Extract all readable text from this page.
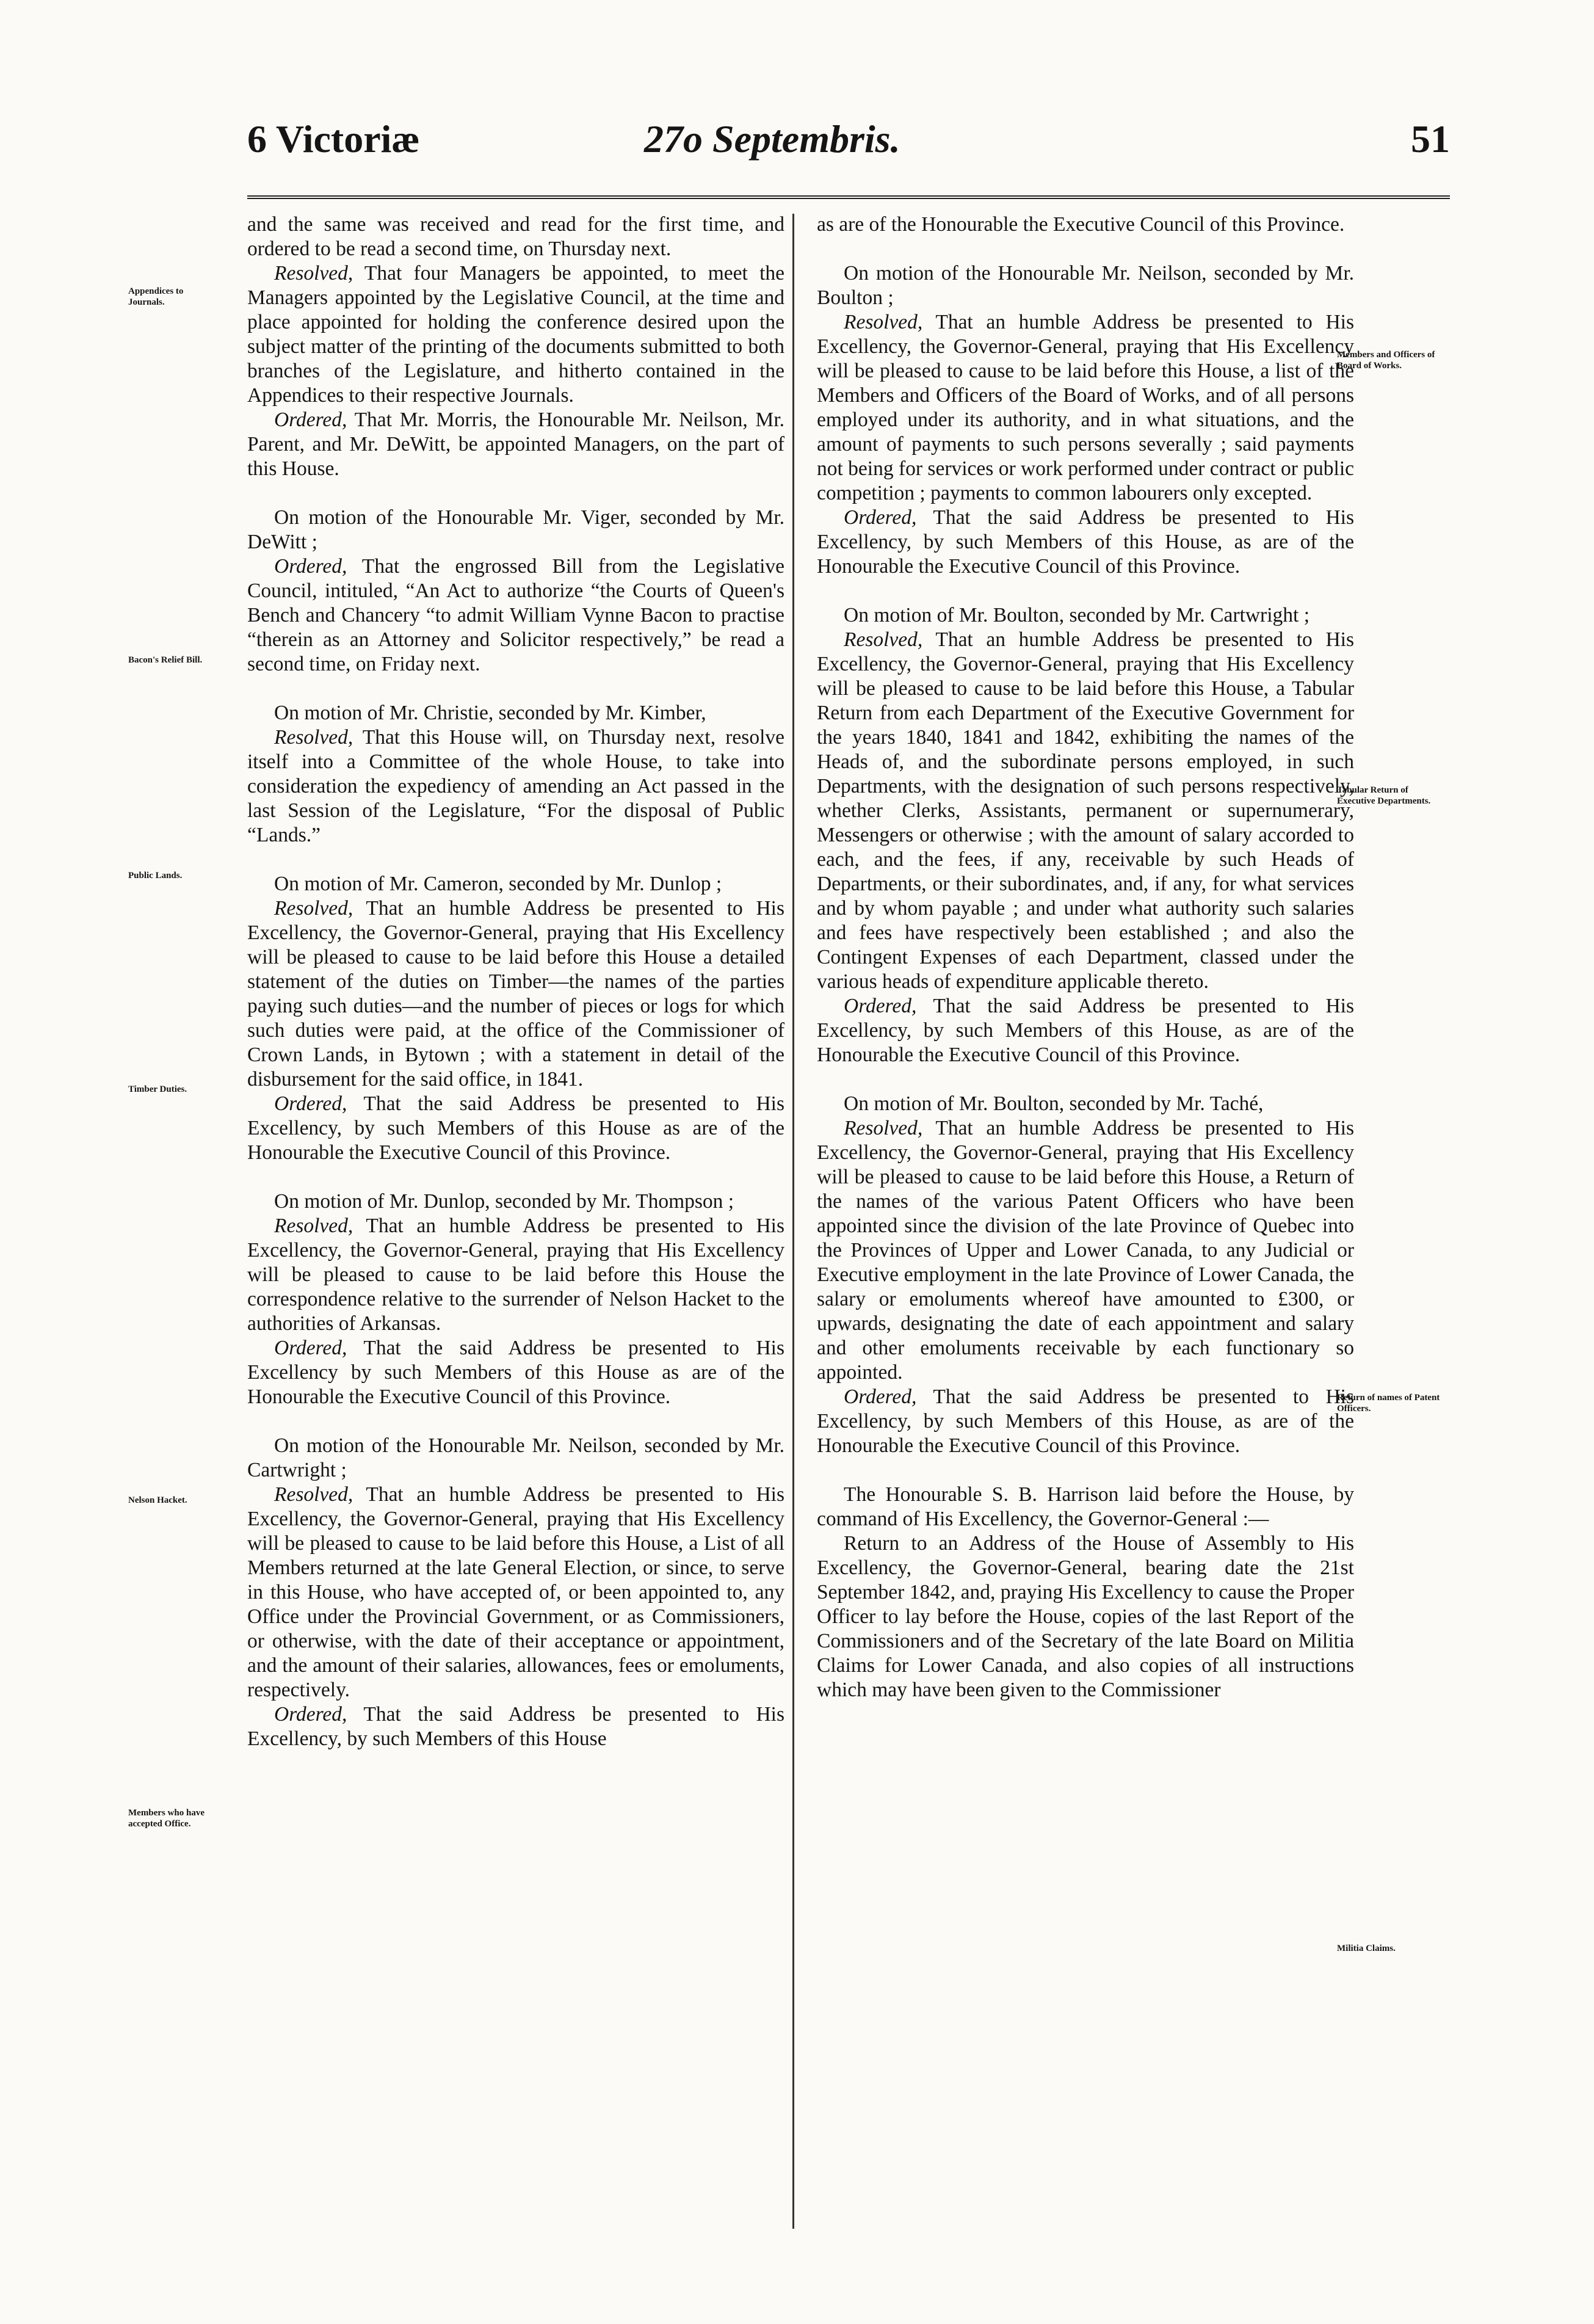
6 Victoriæ	27o Septembris.	51
Appendices to Journals.
Bacon's Relief Bill.
Public Lands.
Timber Duties.
Nelson Hacket.
Members who have accepted Office.
Members and Officers of Board of Works.
Tabular Return of Executive Departments.
Return of names of Patent Officers.
Militia Claims.

and the same was received and read for the first time, and ordered to be read a second time, on Thursday next.

Resolved, That four Managers be appointed, to meet the Managers appointed by the Legislative Council, at the time and place appointed for holding the conference desired upon the subject matter of the printing of the documents submitted to both branches of the Legislature, and hitherto contained in the Appendices to their respective Journals.

Ordered, That Mr. Morris, the Honourable Mr. Neilson, Mr. Parent, and Mr. DeWitt, be appointed Managers, on the part of this House.

On motion of the Honourable Mr. Viger, seconded by Mr. DeWitt ;

Ordered, That the engrossed Bill from the Legislative Council, intituled, “An Act to authorize “the Courts of Queen's Bench and Chancery “to admit William Vynne Bacon to practise “therein as an Attorney and Solicitor respectively,” be read a second time, on Friday next.

On motion of Mr. Christie, seconded by Mr. Kimber,

Resolved, That this House will, on Thursday next, resolve itself into a Committee of the whole House, to take into consideration the expediency of amending an Act passed in the last Session of the Legislature, “For the disposal of Public “Lands.”

On motion of Mr. Cameron, seconded by Mr. Dunlop ;

Resolved, That an humble Address be presented to His Excellency, the Governor-General, praying that His Excellency will be pleased to cause to be laid before this House a detailed statement of the duties on Timber—the names of the parties paying such duties—and the number of pieces or logs for which such duties were paid, at the office of the Commissioner of Crown Lands, in Bytown ; with a statement in detail of the disbursement for the said office, in 1841.

Ordered, That the said Address be presented to His Excellency, by such Members of this House as are of the Honourable the Executive Council of this Province.

On motion of Mr. Dunlop, seconded by Mr. Thompson ;

Resolved, That an humble Address be presented to His Excellency, the Governor-General, praying that His Excellency will be pleased to cause to be laid before this House the correspondence relative to the surrender of Nelson Hacket to the authorities of Arkansas.

Ordered, That the said Address be presented to His Excellency by such Members of this House as are of the Honourable the Executive Council of this Province.

On motion of the Honourable Mr. Neilson, seconded by Mr. Cartwright ;

Resolved, That an humble Address be presented to His Excellency, the Governor-General, praying that His Excellency will be pleased to cause to be laid before this House, a List of all Members returned at the late General Election, or since, to serve in this House, who have accepted of, or been appointed to, any Office under the Provincial Government, or as Commissioners, or otherwise, with the date of their acceptance or appointment, and the amount of their salaries, allowances, fees or emoluments, respectively.

Ordered, That the said Address be presented to His Excellency, by such Members of this House

as are of the Honourable the Executive Council of this Province.

On motion of the Honourable Mr. Neilson, seconded by Mr. Boulton ;

Resolved, That an humble Address be presented to His Excellency, the Governor-General, praying that His Excellency will be pleased to cause to be laid before this House, a list of the Members and Officers of the Board of Works, and of all persons employed under its authority, and in what situations, and the amount of payments to such persons severally ; said payments not being for services or work performed under contract or public competition ; payments to common labourers only excepted.

Ordered, That the said Address be presented to His Excellency, by such Members of this House, as are of the Honourable the Executive Council of this Province.

On motion of Mr. Boulton, seconded by Mr. Cartwright ;

Resolved, That an humble Address be presented to His Excellency, the Governor-General, praying that His Excellency will be pleased to cause to be laid before this House, a Tabular Return from each Department of the Executive Government for the years 1840, 1841 and 1842, exhibiting the names of the Heads of, and the subordinate persons employed, in such Departments, with the designation of such persons respectively, whether Clerks, Assistants, permanent or supernumerary, Messengers or otherwise ; with the amount of salary accorded to each, and the fees, if any, receivable by such Heads of Departments, or their subordinates, and, if any, for what services and by whom payable ; and under what authority such salaries and fees have respectively been established ; and also the Contingent Expenses of each Department, classed under the various heads of expenditure applicable thereto.

Ordered, That the said Address be presented to His Excellency, by such Members of this House, as are of the Honourable the Executive Council of this Province.

On motion of Mr. Boulton, seconded by Mr. Taché,

Resolved, That an humble Address be presented to His Excellency, the Governor-General, praying that His Excellency will be pleased to cause to be laid before this House, a Return of the names of the various Patent Officers who have been appointed since the division of the late Province of Quebec into the Provinces of Upper and Lower Canada, to any Judicial or Executive employment in the late Province of Lower Canada, the salary or emoluments whereof have amounted to £300, or upwards, designating the date of each appointment and salary and other emoluments receivable by each functionary so appointed.

Ordered, That the said Address be presented to His Excellency, by such Members of this House, as are of the Honourable the Executive Council of this Province.

The Honourable S. B. Harrison laid before the House, by command of His Excellency, the Governor-General :—

Return to an Address of the House of Assembly to His Excellency, the Governor-General, bearing date the 21st September 1842, and, praying His Excellency to cause the Proper Officer to lay before the House, copies of the last Report of the Commissioners and of the Secretary of the late Board on Militia Claims for Lower Canada, and also copies of all instructions which may have been given to the Commissioner
